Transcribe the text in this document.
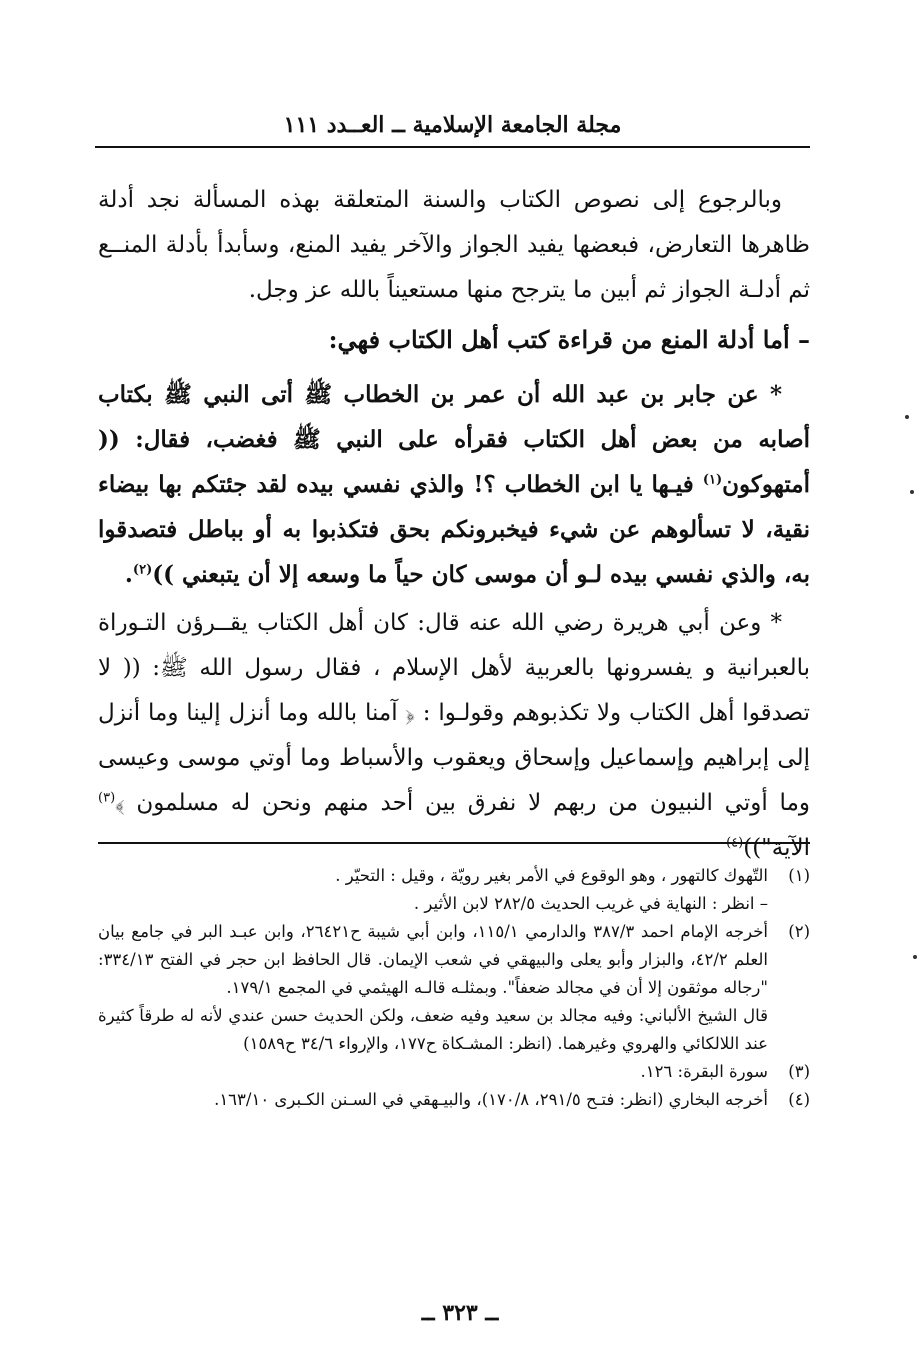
مجلة الجامعة الإسلامية ــ العــدد ١١١

وبالرجوع إلى نصوص الكتاب والسنة المتعلقة بهذه المسألة نجد أدلة ظاهرها التعارض، فبعضها يفيد الجواز والآخر يفيد المنع، وسأبدأ بأدلة المنــع ثم أدلـة الجواز ثم أبين ما يترجح منها مستعيناً بالله عز وجل.

– أما أدلة المنع من قراءة كتب أهل الكتاب فهي:

* عن جابر بن عبد الله أن عمر بن الخطاب ﷺ أتى النبي ﷺ بكتاب أصابه من بعض أهل الكتاب فقرأه على النبي ﷺ فغضب، فقال: (( أمتهوكون$^{(١)}$ فيـها يا ابن الخطاب ؟! والذي نفسي بيده لقد جئتكم بها بيضاء نقية، لا تسألوهم عن شيء فيخبرونكم بحق فتكذبوا به أو بباطل فتصدقوا به، والذي نفسي بيده لـو أن موسى كان حياً ما وسعه إلا أن يتبعني ))$^{(٢)}$.

* وعن أبي هريرة رضي الله عنه قال: كان أهل الكتاب يقــرؤن التـوراة بالعبرانية و يفسرونها بالعربية لأهل الإسلام ، فقال رسول الله ﷺ: (( لا تصدقوا أهل الكتاب ولا تكذبوهم وقولـوا : ﴿ آمنا بالله وما أنزل إلينا وما أنزل إلى إبراهيم وإسماعيل وإسحاق ويعقوب والأسباط وما أوتي موسى وعيسى وما أوتي النبيون من ربهم لا نفرق بين أحد منهم ونحن له مسلمون ﴾$^{(٣)}$ الآية"))$^{(٤)}$

(١)
التّهوك كالتهور ، وهو الوقوع في الأمر بغير رويّة ، وقيل : التحيّر .
– انظر : النهاية في غريب الحديث ٢٨٢/٥ لابن الأثير .
(٢)
أخرجه الإمام احمد ٣٨٧/٣ والدارمي ١١٥/١، وابن أبي شيبة ح٢٦٤٢١، وابن عبـد البر في جامع بيان العلم ٤٢/٢، والبزار وأبو يعلى والبيهقي في شعب الإيمان. قال الحافظ ابن حجر في الفتح ٣٣٤/١٣: "رجاله موثقون إلا أن في مجالد ضعفاً". وبمثلـه قالـه الهيثمي في المجمع ١٧٩/١.
قال الشيخ الألباني: وفيه مجالد بن سعيد وفيه ضعف، ولكن الحديث حسن عندي لأنه له طرقاً كثيرة عند اللالكائي والهروي وغيرهما. (انظر: المشـكاة ح١٧٧، والإرواء ٣٤/٦ ح١٥٨٩)
(٣)
سورة البقرة: ١٢٦.
(٤)
أخرجه البخاري (انظر: فتـح ٢٩١/٥، ١٧٠/٨)، والبيـهقي في السـنن الكـبرى ١٦٣/١٠.
ــ ٣٢٣ ــ
